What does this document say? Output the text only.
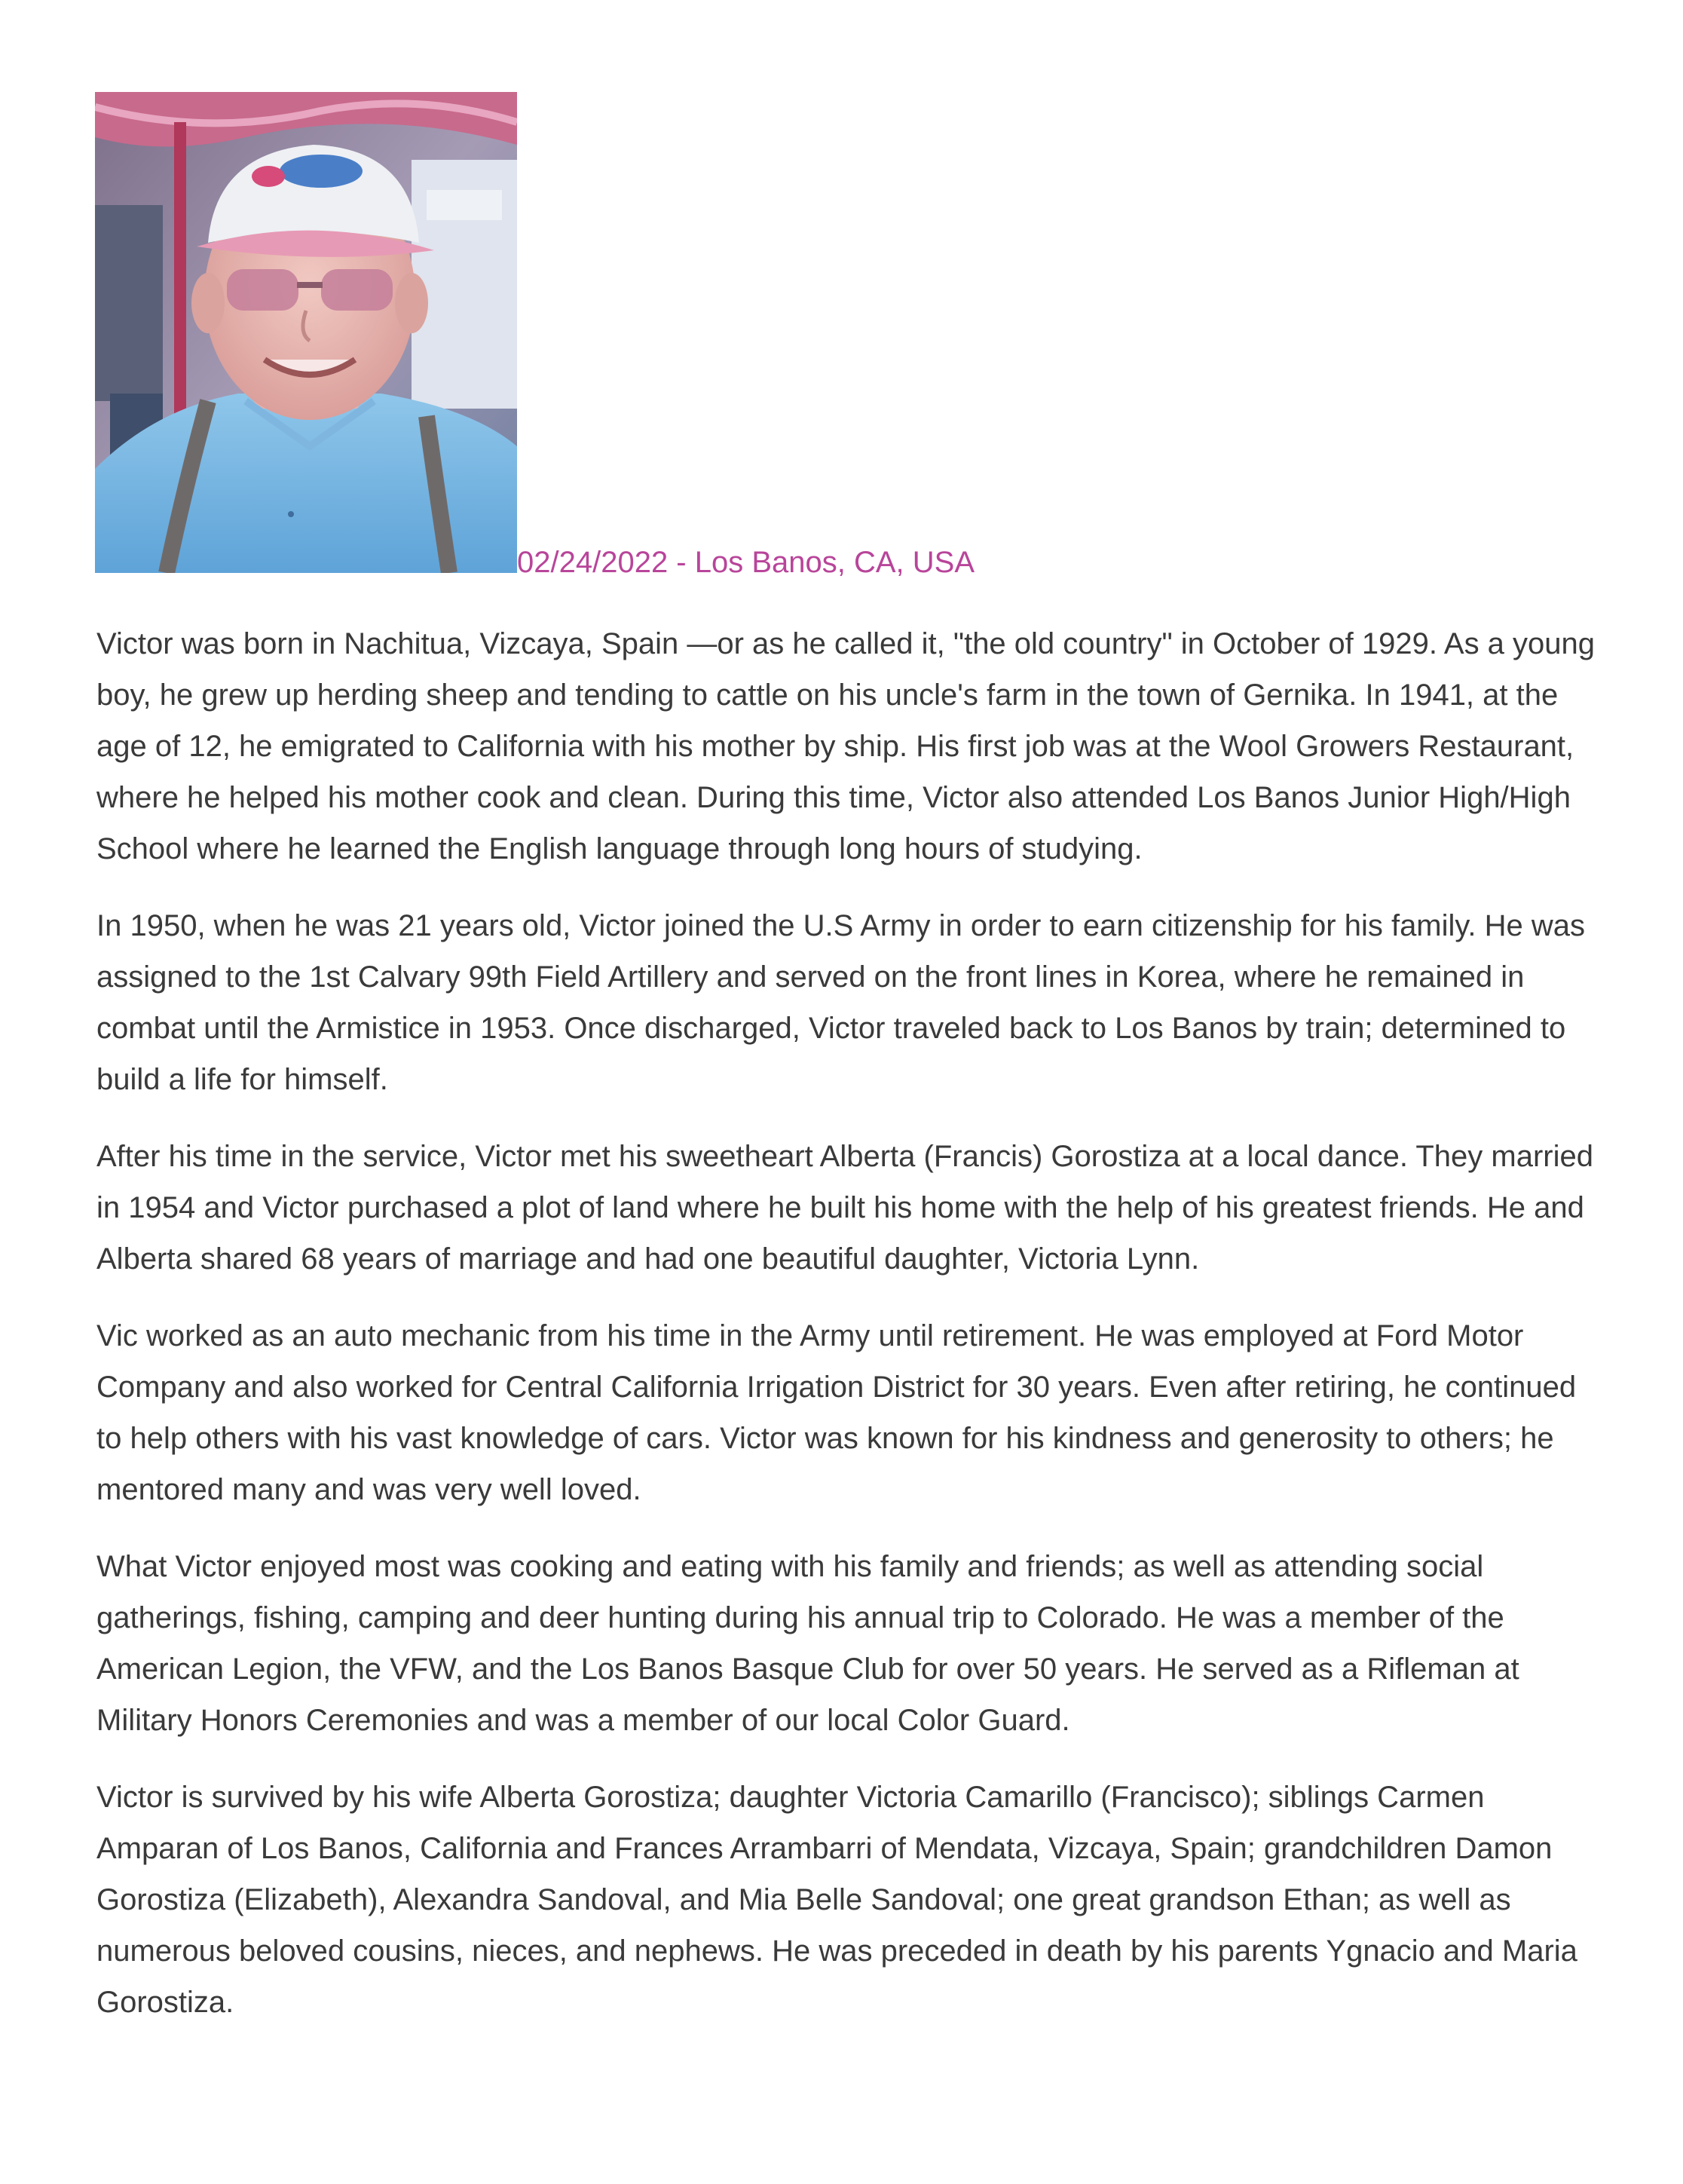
02/24/2022 - Los Banos, CA, USA

Victor was born in Nachitua, Vizcaya, Spain —or as he called it, "the old country" in October of 1929. As a young boy, he grew up herding sheep and tending to cattle on his uncle's farm in the town of Gernika. In 1941, at the age of 12, he emigrated to California with his mother by ship. His first job was at the Wool Growers Restaurant, where he helped his mother cook and clean. During this time, Victor also attended Los Banos Junior High/High School where he learned the English language through long hours of studying.

In 1950, when he was 21 years old, Victor joined the U.S Army in order to earn citizenship for his family. He was assigned to the 1st Calvary 99th Field Artillery and served on the front lines in Korea, where he remained in combat until the Armistice in 1953. Once discharged, Victor traveled back to Los Banos by train; determined to build a life for himself.

After his time in the service, Victor met his sweetheart Alberta (Francis) Gorostiza at a local dance. They married in 1954 and Victor purchased a plot of land where he built his home with the help of his greatest friends. He and Alberta shared 68 years of marriage and had one beautiful daughter, Victoria Lynn.

Vic worked as an auto mechanic from his time in the Army until retirement. He was employed at Ford Motor Company and also worked for Central California Irrigation District for 30 years. Even after retiring, he continued to help others with his vast knowledge of cars. Victor was known for his kindness and generosity to others; he mentored many and was very well loved.

What Victor enjoyed most was cooking and eating with his family and friends; as well as attending social gatherings, fishing, camping and deer hunting during his annual trip to Colorado. He was a member of the American Legion, the VFW, and the Los Banos Basque Club for over 50 years. He served as a Rifleman at Military Honors Ceremonies and was a member of our local Color Guard.

Victor is survived by his wife Alberta Gorostiza; daughter Victoria Camarillo (Francisco); siblings Carmen Amparan of Los Banos, California and Frances Arrambarri of Mendata, Vizcaya, Spain; grandchildren Damon Gorostiza (Elizabeth), Alexandra Sandoval, and Mia Belle Sandoval; one great grandson Ethan; as well as numerous beloved cousins, nieces, and nephews. He was preceded in death by his parents Ygnacio and Maria Gorostiza.
